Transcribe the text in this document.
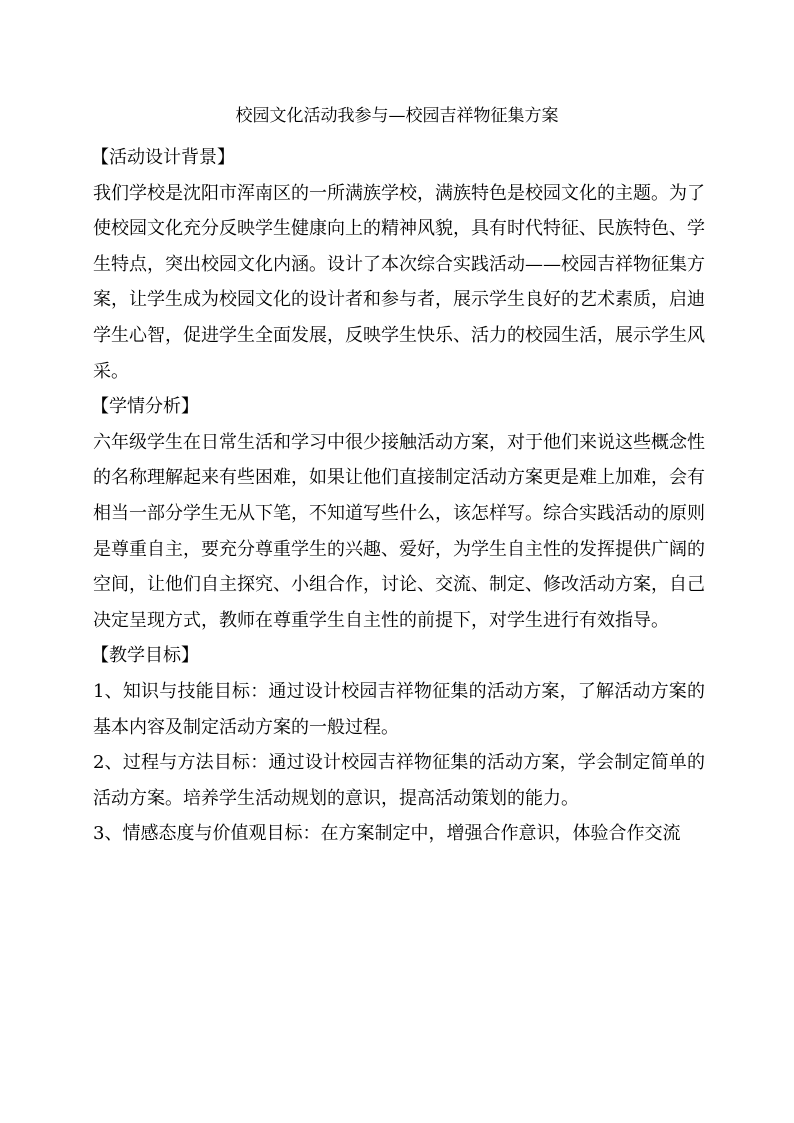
校园文化活动我参与—校园吉祥物征集方案

【活动设计背景】

我们学校是沈阳市浑南区的一所满族学校，满族特色是校园文化的主题。为了使校园文化充分反映学生健康向上的精神风貌，具有时代特征、民族特色、学生特点，突出校园文化内涵。设计了本次综合实践活动——校园吉祥物征集方案，让学生成为校园文化的设计者和参与者，展示学生良好的艺术素质，启迪学生心智，促进学生全面发展，反映学生快乐、活力的校园生活，展示学生风采。

【学情分析】

六年级学生在日常生活和学习中很少接触活动方案，对于他们来说这些概念性的名称理解起来有些困难，如果让他们直接制定活动方案更是难上加难，会有相当一部分学生无从下笔，不知道写些什么，该怎样写。综合实践活动的原则是尊重自主，要充分尊重学生的兴趣、爱好，为学生自主性的发挥提供广阔的空间，让他们自主探究、小组合作，讨论、交流、制定、修改活动方案，自己决定呈现方式，教师在尊重学生自主性的前提下，对学生进行有效指导。

【教学目标】

1、知识与技能目标：通过设计校园吉祥物征集的活动方案，了解活动方案的基本内容及制定活动方案的一般过程。

2、过程与方法目标：通过设计校园吉祥物征集的活动方案，学会制定简单的活动方案。培养学生活动规划的意识，提高活动策划的能力。

3、情感态度与价值观目标：在方案制定中，增强合作意识，体验合作交流
